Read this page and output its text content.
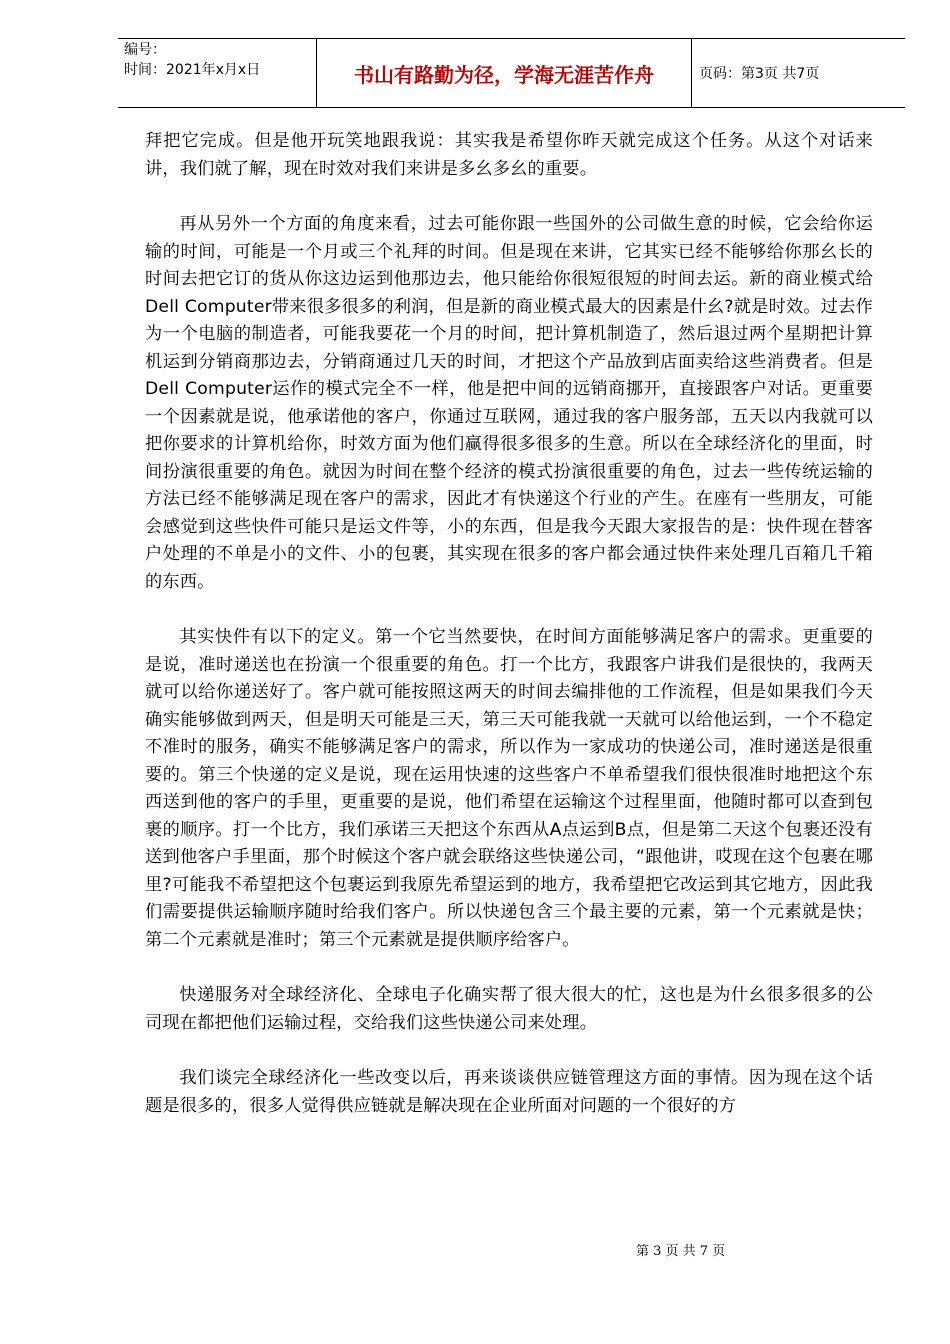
编号：
时间：2021年x月x日	书山有路勤为径，学海无涯苦作舟	页码：第3页 共7页

拜把它完成。但是他开玩笑地跟我说：其实我是希望你昨天就完成这个任务。从这个对话来讲，我们就了解，现在时效对我们来讲是多幺多幺的重要。

再从另外一个方面的角度来看，过去可能你跟一些国外的公司做生意的时候，它会给你运输的时间，可能是一个月或三个礼拜的时间。但是现在来讲，它其实已经不能够给你那幺长的时间去把它订的货从你这边运到他那边去，他只能给你很短很短的时间去运。新的商业模式给Dell Computer带来很多很多的利润，但是新的商业模式最大的因素是什幺?就是时效。过去作为一个电脑的制造者，可能我要花一个月的时间，把计算机制造了，然后退过两个星期把计算机运到分销商那边去，分销商通过几天的时间，才把这个产品放到店面卖给这些消费者。但是Dell Computer运作的模式完全不一样，他是把中间的远销商挪开，直接跟客户对话。更重要一个因素就是说，他承诺他的客户，你通过互联网，通过我的客户服务部，五天以内我就可以把你要求的计算机给你，时效方面为他们赢得很多很多的生意。所以在全球经济化的里面，时间扮演很重要的角色。就因为时间在整个经济的模式扮演很重要的角色，过去一些传统运输的方法已经不能够满足现在客户的需求，因此才有快递这个行业的产生。在座有一些朋友，可能会感觉到这些快件可能只是运文件等，小的东西，但是我今天跟大家报告的是：快件现在替客户处理的不单是小的文件、小的包裹，其实现在很多的客户都会通过快件来处理几百箱几千箱的东西。

其实快件有以下的定义。第一个它当然要快，在时间方面能够满足客户的需求。更重要的是说，准时递送也在扮演一个很重要的角色。打一个比方，我跟客户讲我们是很快的，我两天就可以给你递送好了。客户就可能按照这两天的时间去编排他的工作流程，但是如果我们今天确实能够做到两天，但是明天可能是三天，第三天可能我就一天就可以给他运到，一个不稳定不准时的服务，确实不能够满足客户的需求，所以作为一家成功的快递公司，准时递送是很重要的。第三个快递的定义是说，现在运用快速的这些客户不单希望我们很快很准时地把这个东西送到他的客户的手里，更重要的是说，他们希望在运输这个过程里面，他随时都可以查到包裹的顺序。打一个比方，我们承诺三天把这个东西从A点运到B点，但是第二天这个包裹还没有送到他客户手里面，那个时候这个客户就会联络这些快递公司，“跟他讲，哎现在这个包裹在哪里?可能我不希望把这个包裹运到我原先希望运到的地方，我希望把它改运到其它地方，因此我们需要提供运输顺序随时给我们客户。所以快递包含三个最主要的元素，第一个元素就是快；第二个元素就是准时；第三个元素就是提供顺序给客户。

快递服务对全球经济化、全球电子化确实帮了很大很大的忙，这也是为什幺很多很多的公司现在都把他们运输过程，交给我们这些快递公司来处理。

我们谈完全球经济化一些改变以后，再来谈谈供应链管理这方面的事情。因为现在这个话题是很多的，很多人觉得供应链就是解决现在企业所面对问题的一个很好的方

第 3 页 共 7 页
